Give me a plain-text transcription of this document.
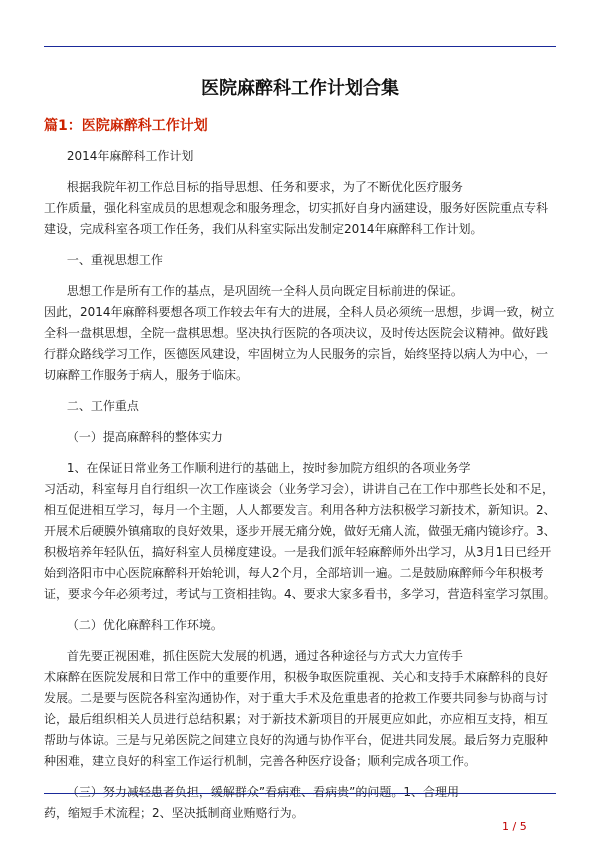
医院麻醉科工作计划合集
篇1：医院麻醉科工作计划

2014年麻醉科工作计划

根据我院年初工作总目标的指导思想、任务和要求，为了不断优化医疗服务

工作质量，强化科室成员的思想观念和服务理念，切实抓好自身内涵建设，服务好医院重点专科建设，完成科室各项工作任务，我们从科室实际出发制定2014年麻醉科工作计划。

一、重视思想工作

思想工作是所有工作的基点，是巩固统一全科人员向既定目标前进的保证。

因此，2014年麻醉科要想各项工作较去年有大的进展，全科人员必须统一思想，步调一致，树立全科一盘棋思想，全院一盘棋思想。坚决执行医院的各项决议，及时传达医院会议精神。做好践行群众路线学习工作，医德医风建设，牢固树立为人民服务的宗旨，始终坚持以病人为中心，一切麻醉工作服务于病人，服务于临床。

二、工作重点

（一）提高麻醉科的整体实力

1、在保证日常业务工作顺利进行的基础上，按时参加院方组织的各项业务学

习活动，科室每月自行组织一次工作座谈会（业务学习会），讲讲自己在工作中那些长处和不足，相互促进相互学习，每月一个主题，人人都要发言。利用各种方法积极学习新技术，新知识。2、开展术后硬膜外镇痛取的良好效果，逐步开展无痛分娩，做好无痛人流，做强无痛内镜诊疗。3、积极培养年轻队伍，搞好科室人员梯度建设。一是我们派年轻麻醉师外出学习，从3月1日已经开始到洛阳市中心医院麻醉科开始轮训，每人2个月，全部培训一遍。二是鼓励麻醉师今年积极考证，要求今年必须考过，考试与工资相挂钩。4、要求大家多看书，多学习，营造科室学习氛围。

（二）优化麻醉科工作环境。

首先要正视困难，抓住医院大发展的机遇，通过各种途径与方式大力宣传手

术麻醉在医院发展和日常工作中的重要作用，积极争取医院重视、关心和支持手术麻醉科的良好发展。二是要与医院各科室沟通协作，对于重大手术及危重患者的抢救工作要共同参与协商与讨论，最后组织相关人员进行总结积累；对于新技术新项目的开展更应如此，亦应相互支持，相互帮助与体谅。三是与兄弟医院之间建立良好的沟通与协作平台，促进共同发展。最后努力克服种种困难，建立良好的科室工作运行机制，完善各种医疗设备；顺利完成各项工作。

（三）努力减轻患者负担，缓解群众”看病难、看病贵”的问题。1、合理用

药，缩短手术流程；2、坚决抵制商业贿赂行为。

1 / 5
